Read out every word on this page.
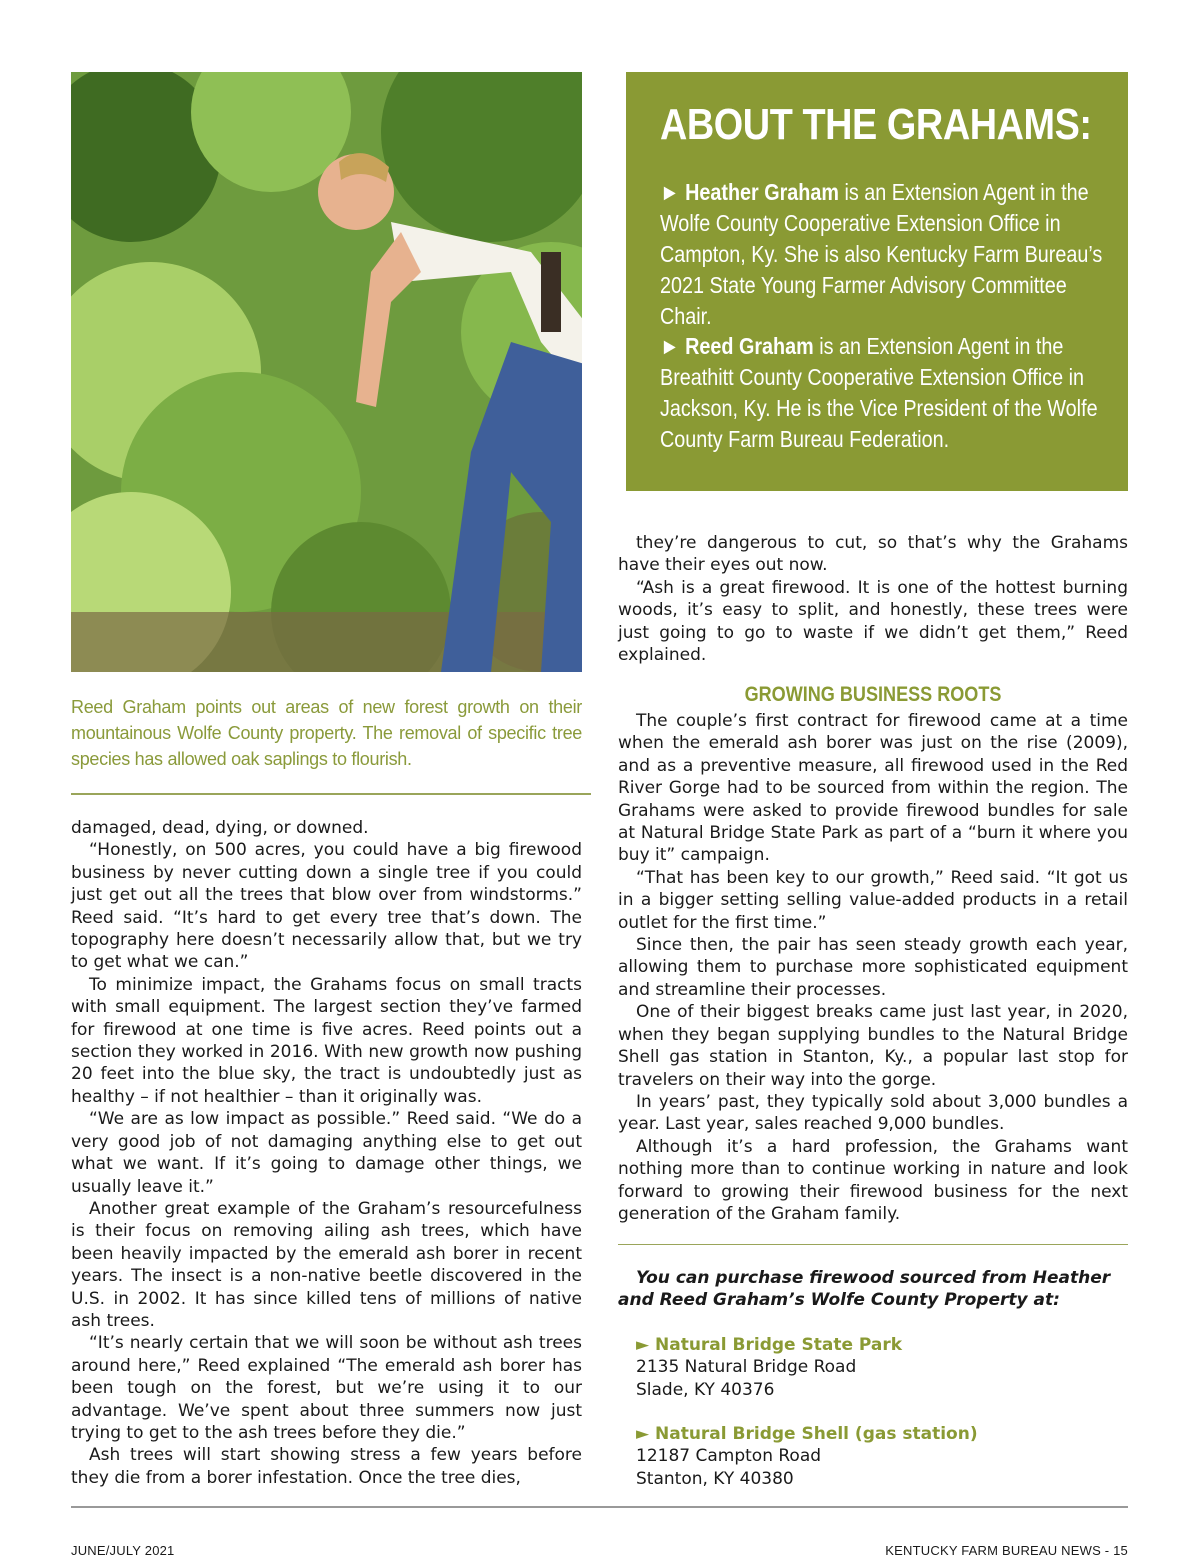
Reed Graham points out areas of new forest growth on their mountainous Wolfe County property. The removal of specific tree species has allowed oak saplings to flourish.

damaged, dead, dying, or downed.

“Honestly, on 500 acres, you could have a big firewood business by never cutting down a single tree if you could just get out all the trees that blow over from windstorms.” Reed said. “It’s hard to get every tree that’s down. The topography here doesn’t necessarily allow that, but we try to get what we can.”

To minimize impact, the Grahams focus on small tracts with small equipment. The largest section they’ve farmed for firewood at one time is five acres. Reed points out a section they worked in 2016. With new growth now pushing 20 feet into the blue sky, the tract is undoubtedly just as healthy – if not healthier – than it originally was.

“We are as low impact as possible.” Reed said. “We do a very good job of not damaging anything else to get out what we want. If it’s going to damage other things, we usually leave it.”

Another great example of the Graham’s resourcefulness is their focus on removing ailing ash trees, which have been heavily impacted by the emerald ash borer in recent years. The insect is a non-native beetle discovered in the U.S. in 2002. It has since killed tens of millions of native ash trees.

“It’s nearly certain that we will soon be without ash trees around here,” Reed explained “The emerald ash borer has been tough on the forest, but we’re using it to our advantage. We’ve spent about three summers now just trying to get to the ash trees before they die.”

Ash trees will start showing stress a few years before they die from a borer infestation. Once the tree dies,

ABOUT THE GRAHAMS:
► Heather Graham is an Extension Agent in the Wolfe County Cooperative Extension Office in Campton, Ky. She is also Kentucky Farm Bureau’s 2021 State Young Farmer Advisory Committee Chair.
► Reed Graham is an Extension Agent in the Breathitt County Cooperative Extension Office in Jackson, Ky. He is the Vice President of the Wolfe County Farm Bureau Federation.

they’re dangerous to cut, so that’s why the Grahams have their eyes out now.

“Ash is a great firewood. It is one of the hottest burning woods, it’s easy to split, and honestly, these trees were just going to go to waste if we didn’t get them,” Reed explained.

GROWING BUSINESS ROOTS

The couple’s first contract for firewood came at a time when the emerald ash borer was just on the rise (2009), and as a preventive measure, all firewood used in the Red River Gorge had to be sourced from within the region. The Grahams were asked to provide firewood bundles for sale at Natural Bridge State Park as part of a “burn it where you buy it” campaign.

“That has been key to our growth,” Reed said. “It got us in a bigger setting selling value-added products in a retail outlet for the first time.”

Since then, the pair has seen steady growth each year, allowing them to purchase more sophisticated equipment and streamline their processes.

One of their biggest breaks came just last year, in 2020, when they began supplying bundles to the Natural Bridge Shell gas station in Stanton, Ky., a popular last stop for travelers on their way into the gorge.

In years’ past, they typically sold about 3,000 bundles a year. Last year, sales reached 9,000 bundles.

Although it’s a hard profession, the Grahams want nothing more than to continue working in nature and look forward to growing their firewood business for the next generation of the Graham family.

You can purchase firewood sourced from Heather and Reed Graham’s Wolfe County Property at:
► Natural Bridge State Park
2135 Natural Bridge Road
Slade, KY 40376
► Natural Bridge Shell (gas station)
12187 Campton Road
Stanton, KY 40380
JUNE/JULY 2021	KENTUCKY FARM BUREAU NEWS - 15
